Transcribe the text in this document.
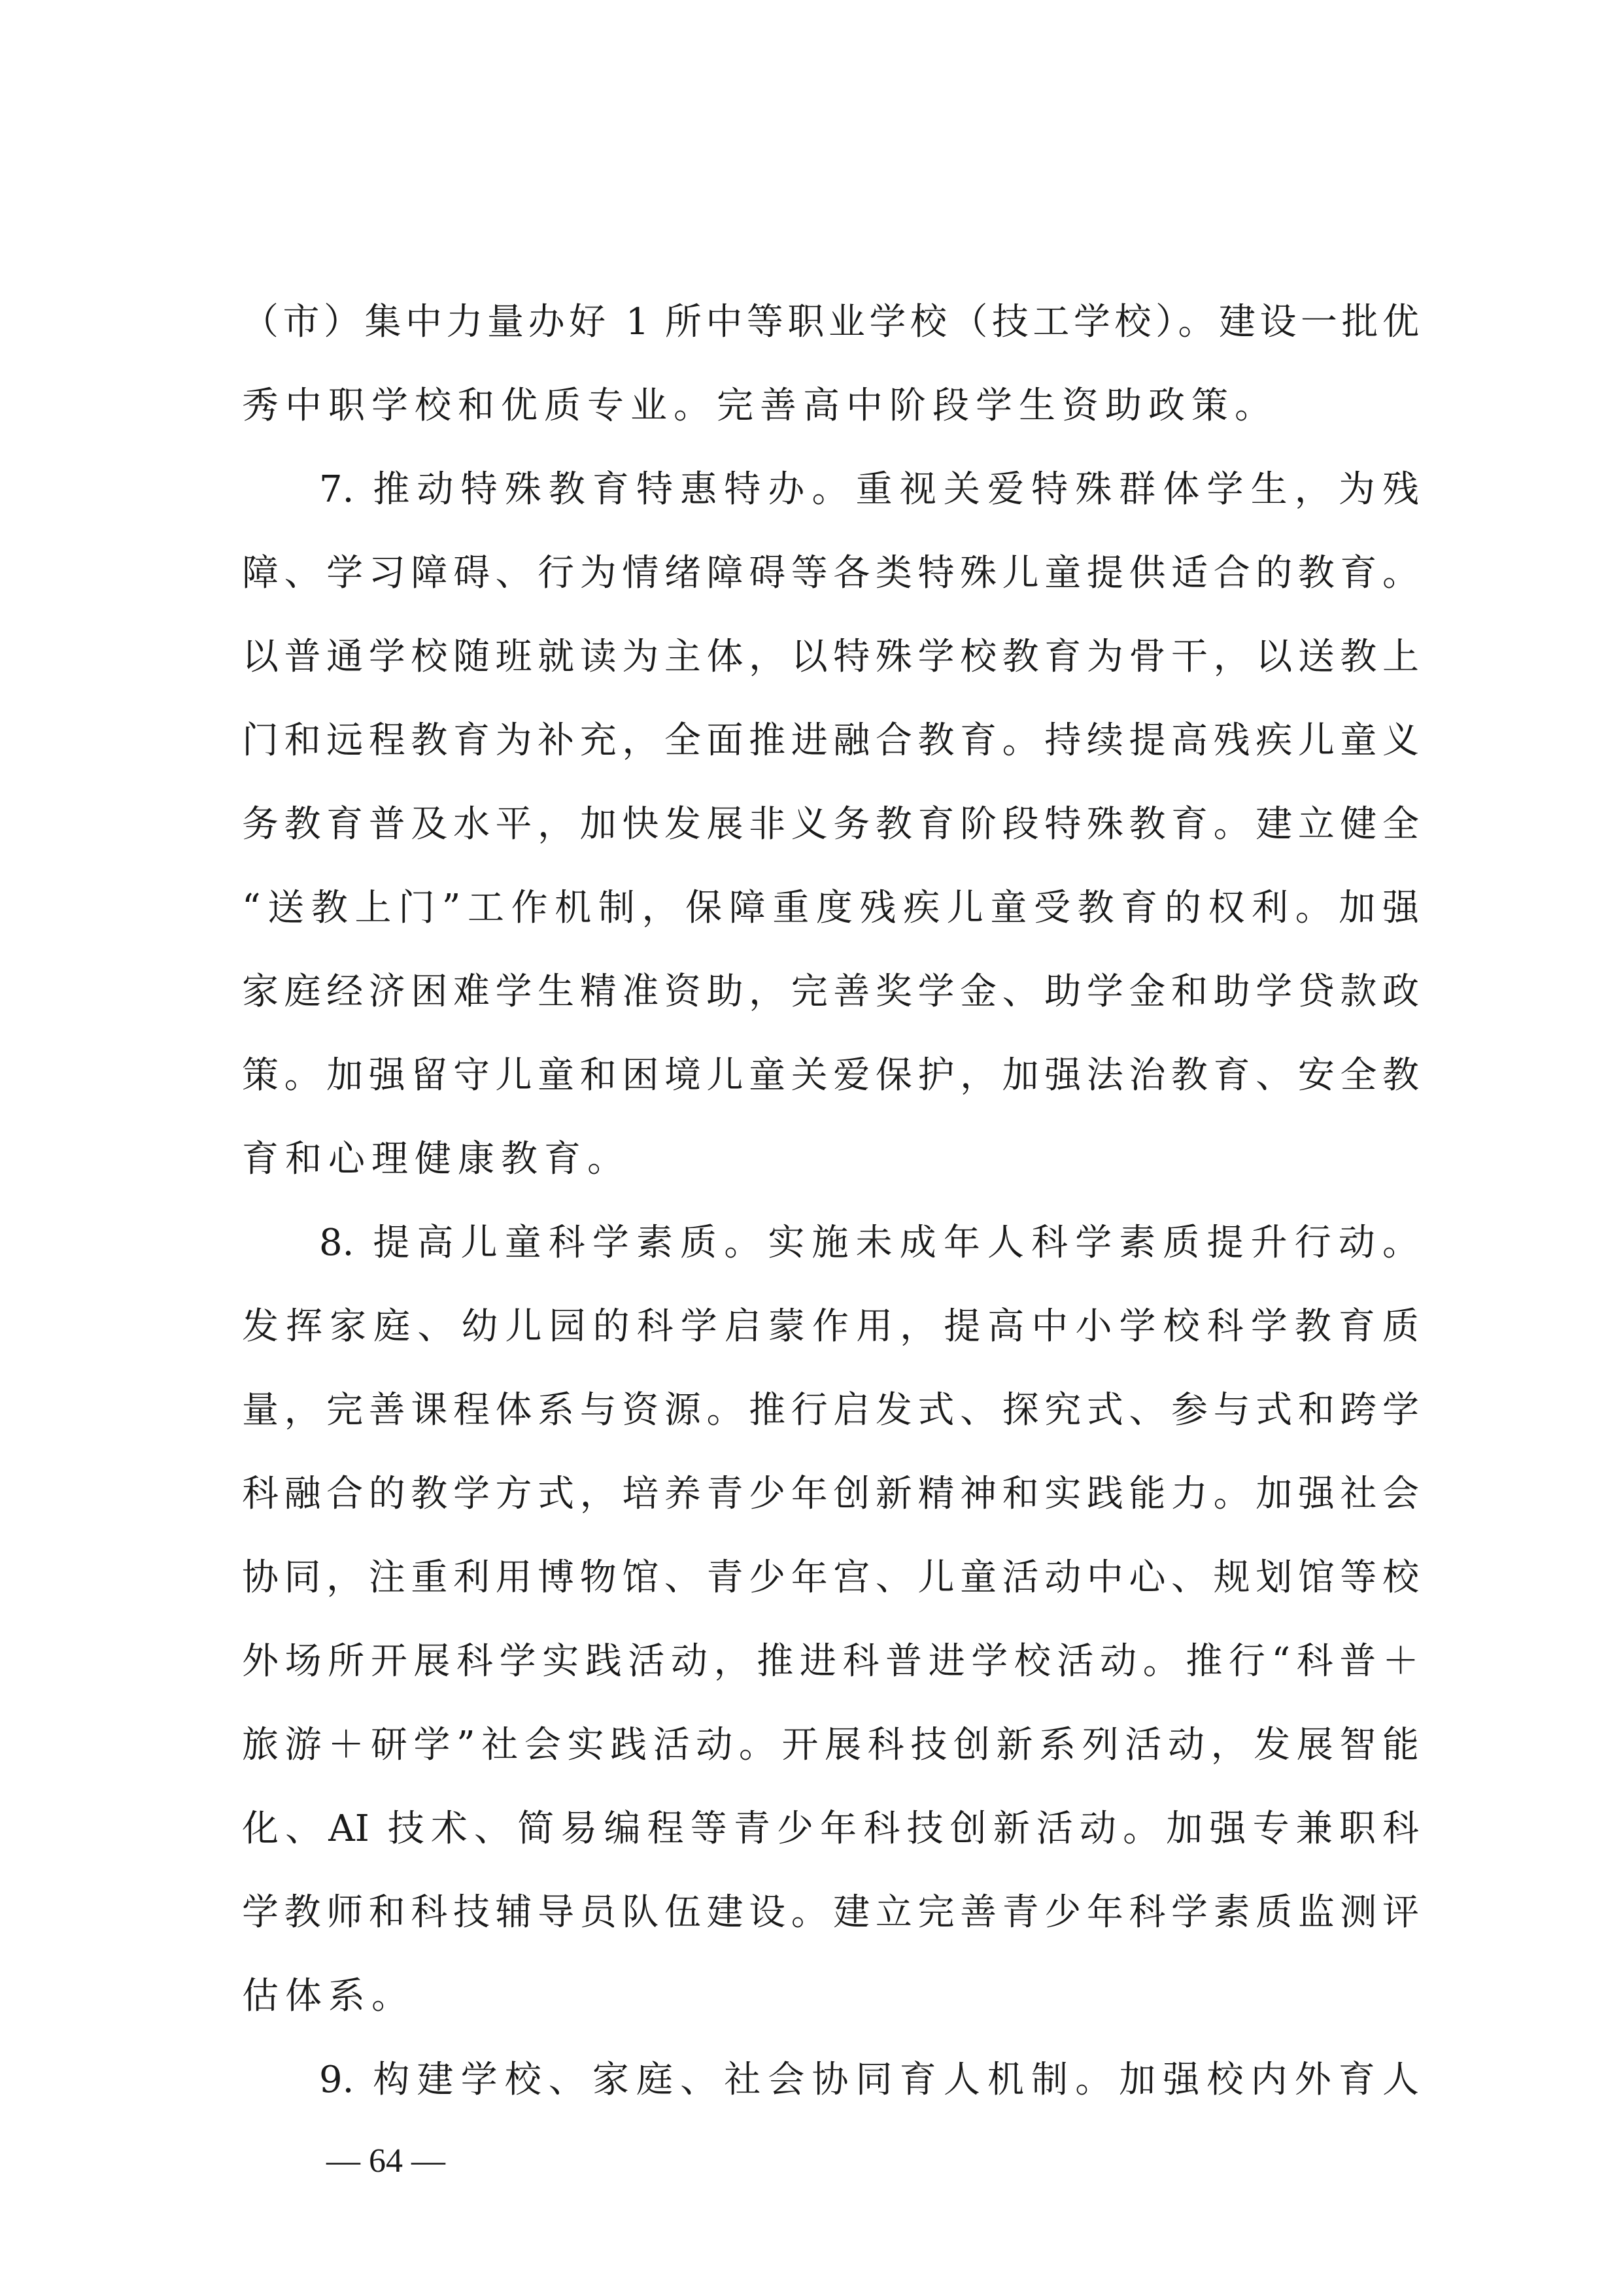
（市）集中力量办好 1 所中等职业学校（技工学校）。建设一批优
秀中职学校和优质专业。完善高中阶段学生资助政策。
7. 推动特殊教育特惠特办。重视关爱特殊群体学生，为残
障、学习障碍、行为情绪障碍等各类特殊儿童提供适合的教育。
以普通学校随班就读为主体，以特殊学校教育为骨干，以送教上
门和远程教育为补充，全面推进融合教育。持续提高残疾儿童义
务教育普及水平，加快发展非义务教育阶段特殊教育。建立健全
“送教上门”工作机制，保障重度残疾儿童受教育的权利。加强
家庭经济困难学生精准资助，完善奖学金、助学金和助学贷款政
策。加强留守儿童和困境儿童关爱保护，加强法治教育、安全教
育和心理健康教育。
8. 提高儿童科学素质。实施未成年人科学素质提升行动。
发挥家庭、幼儿园的科学启蒙作用，提高中小学校科学教育质
量，完善课程体系与资源。推行启发式、探究式、参与式和跨学
科融合的教学方式，培养青少年创新精神和实践能力。加强社会
协同，注重利用博物馆、青少年宫、儿童活动中心、规划馆等校
外场所开展科学实践活动，推进科普进学校活动。推行“科普＋
旅游＋研学”社会实践活动。开展科技创新系列活动，发展智能
化、AI 技术、简易编程等青少年科技创新活动。加强专兼职科
学教师和科技辅导员队伍建设。建立完善青少年科学素质监测评
估体系。
9. 构建学校、家庭、社会协同育人机制。加强校内外育人
— 64 —
